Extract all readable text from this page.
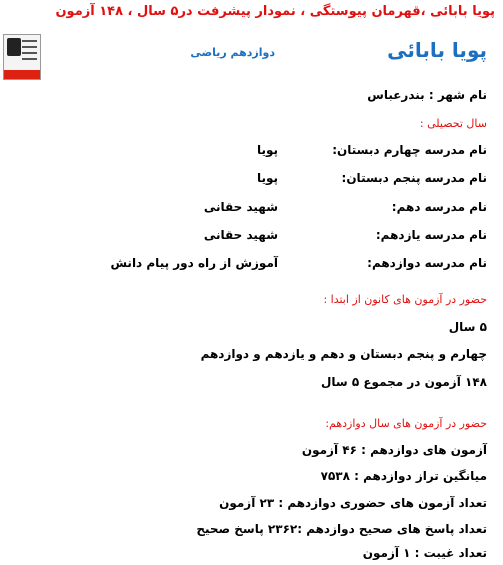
پویا بابائی ،قهرمان پیوستگی ، نمودار پیشرفت در۵ سال ، ۱۴۸ آزمون
پویا بابائی
دوازدهم ریاضی
نام شهر : بندرعباس
سال تحصیلی :
نام مدرسه چهارم دبستان:
پویا
نام مدرسه پنجم دبستان:
پویا
نام مدرسه دهم:
شهید حقانی
نام مدرسه یازدهم:
شهید حقانی
نام مدرسه دوازدهم:
آموزش از راه دور پیام دانش
حضور در آزمون های کانون از ابتدا :
۵ سال
چهارم و پنجم دبستان و دهم و یازدهم و دوازدهم
۱۴۸ آزمون در مجموع ۵ سال
حضور در آزمون های سال دوازدهم:
آزمون های دوازدهم : ۴۶ آزمون
میانگین تراز دوازدهم : ۷۵۳۸
تعداد آزمون های حضوری دوازدهم : ۲۳ آزمون
تعداد پاسخ های صحیح دوازدهم :۲۳۶۲ پاسخ صحیح
تعداد غیبت : ۱ آزمون
